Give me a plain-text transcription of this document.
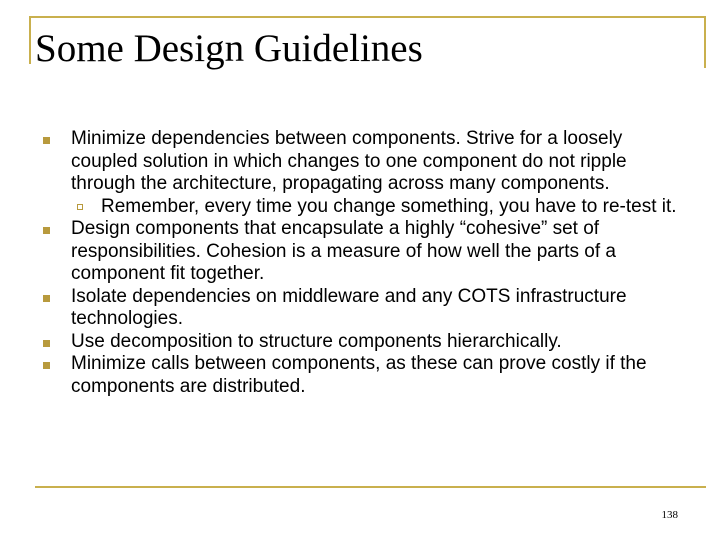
Some Design Guidelines
Minimize dependencies between components. Strive for a loosely coupled solution in which changes to one component do not ripple through the architecture, propagating across many components.
Remember, every time you change something, you have to re-test it.
Design components that encapsulate a highly “cohesive” set of responsibilities. Cohesion is a measure of how well the parts of a component fit together.
Isolate dependencies on middleware and any COTS infrastructure technologies.
Use decomposition to structure components hierarchically.
Minimize calls between components, as these can prove costly if the components are distributed.
138
